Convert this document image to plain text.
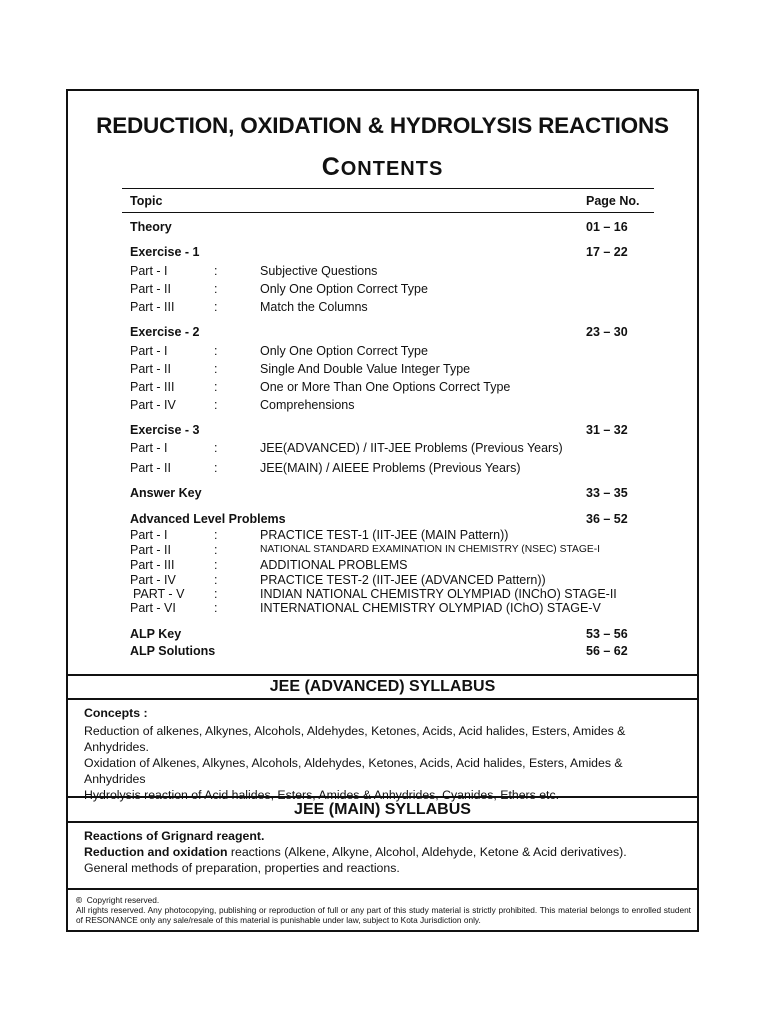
REDUCTION, OXIDATION & HYDROLYSIS REACTIONS
CONTENTS
Topic	Page No.
Theory	01 – 16
Exercise - 1	17 – 22
Part - I	:	Subjective Questions
Part - II	:	Only One Option Correct Type
Part - III	:	Match the Columns
Exercise - 2	23 – 30
Part - I	:	Only One Option Correct Type
Part - II	:	Single And Double Value Integer Type
Part - III	:	One or More Than One Options Correct Type
Part - IV	:	Comprehensions
Exercise - 3	31 – 32
Part - I	:	JEE(ADVANCED) / IIT-JEE Problems (Previous Years)
Part - II	:	JEE(MAIN) / AIEEE Problems (Previous Years)
Answer Key	33 – 35
Advanced Level Problems	36 – 52
Part - I	:	PRACTICE TEST-1 (IIT-JEE (MAIN Pattern))
Part - II	:	NATIONAL STANDARD EXAMINATION IN CHEMISTRY (NSEC) STAGE-I
Part - III	:	ADDITIONAL PROBLEMS
Part - IV	:	PRACTICE TEST-2 (IIT-JEE (ADVANCED Pattern))
PART - V :	INDIAN NATIONAL CHEMISTRY OLYMPIAD (INChO) STAGE-II
Part - VI	:	INTERNATIONAL CHEMISTRY OLYMPIAD (IChO) STAGE-V
ALP Key	53 – 56
ALP Solutions	56 – 62
JEE (ADVANCED) SYLLABUS

Concepts :

Reduction of alkenes, Alkynes, Alcohols, Aldehydes, Ketones, Acids, Acid halides, Esters, Amides & Anhydrides.

Oxidation of Alkenes, Alkynes, Alcohols, Aldehydes, Ketones, Acids, Acid halides, Esters, Amides & Anhydrides

Hydrolysis reaction of Acid halides, Esters, Amides & Anhydrides, Cyanides, Ethers etc.

JEE (MAIN) SYLLABUS

Reactions of Grignard reagent.

Reduction and oxidation reactions (Alkene, Alkyne, Alcohol, Aldehyde, Ketone & Acid derivatives).

General methods of preparation, properties and reactions.

© Copyright reserved.
All rights reserved. Any photocopying, publishing or reproduction of full or any part of this study material is strictly prohibited. This material belongs to enrolled student of RESONANCE only any sale/resale of this material is punishable under law, subject to Kota Jurisdiction only.
